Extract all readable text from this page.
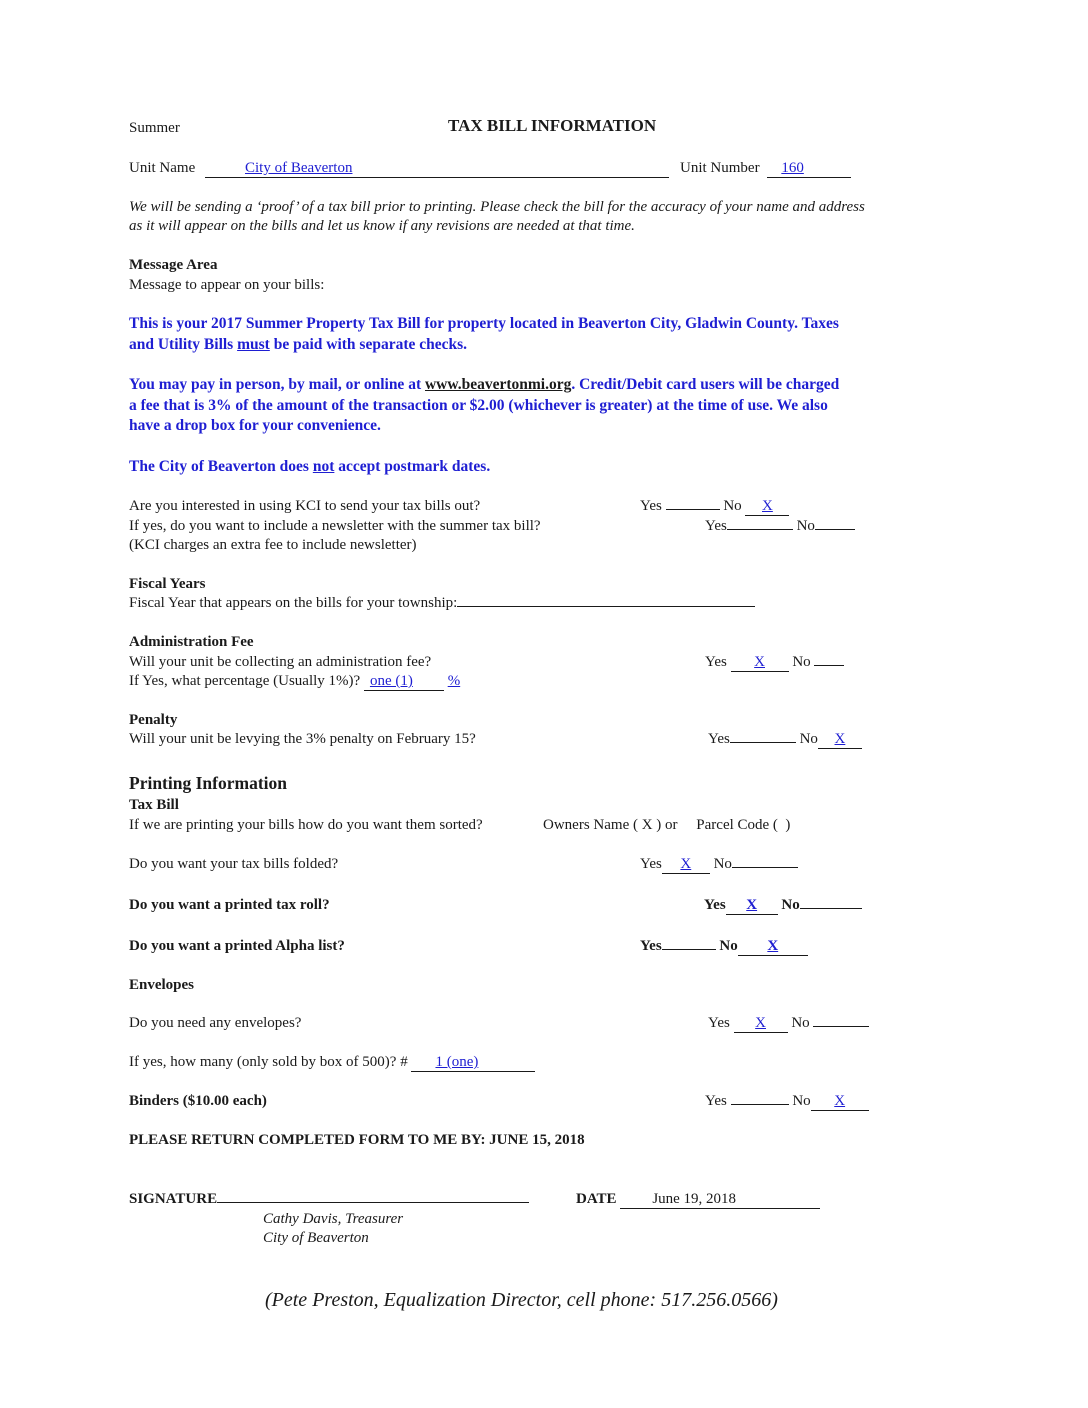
Summer	TAX BILL INFORMATION
Unit Name	City of Beaverton	Unit Number 160
We will be sending a ‘proof’ of a tax bill prior to printing. Please check the bill for the accuracy of your name and address
as it will appear on the bills and let us know if any revisions are needed at that time.
Message Area
Message to appear on your bills:
This is your 2017 Summer Property Tax Bill for property located in Beaverton City, Gladwin County. Taxes
and Utility Bills must be paid with separate checks.
You may pay in person, by mail, or online at www.beavertonmi.org. Credit/Debit card users will be charged
a fee that is 3% of the amount of the transaction or $2.00 (whichever is greater) at the time of use. We also
have a drop box for your convenience.
The City of Beaverton does not accept postmark dates.
Are you interested in using KCI to send your tax bills out?	Yes	No X
If yes, do you want to include a newsletter with the summer tax bill?	Yes	No
(KCI charges an extra fee to include newsletter)
Fiscal Years
Fiscal Year that appears on the bills for your township:
Administration Fee
Will your unit be collecting an administration fee?	Yes X No
If Yes, what percentage (Usually 1%)? one (1) %
Penalty
Will your unit be levying the 3% penalty on February 15?	Yes	No X
Printing Information
Tax Bill
If we are printing your bills how do you want them sorted?	Owners Name ( X ) or     Parcel Code (  )
Do you want your tax bills folded?	Yes X No
Do you want a printed tax roll?	Yes X No
Do you want a printed Alpha list?	Yes	No X
Envelopes
Do you need any envelopes?	Yes X No
If yes, how many (only sold by box of 500)? # 1 (one)
Binders ($10.00 each)	Yes	No X
PLEASE RETURN COMPLETED FORM TO ME BY: JUNE 15, 2018
SIGNATURE	DATE June 19, 2018
Cathy Davis, Treasurer
City of Beaverton
(Pete Preston, Equalization Director, cell phone: 517.256.0566)
